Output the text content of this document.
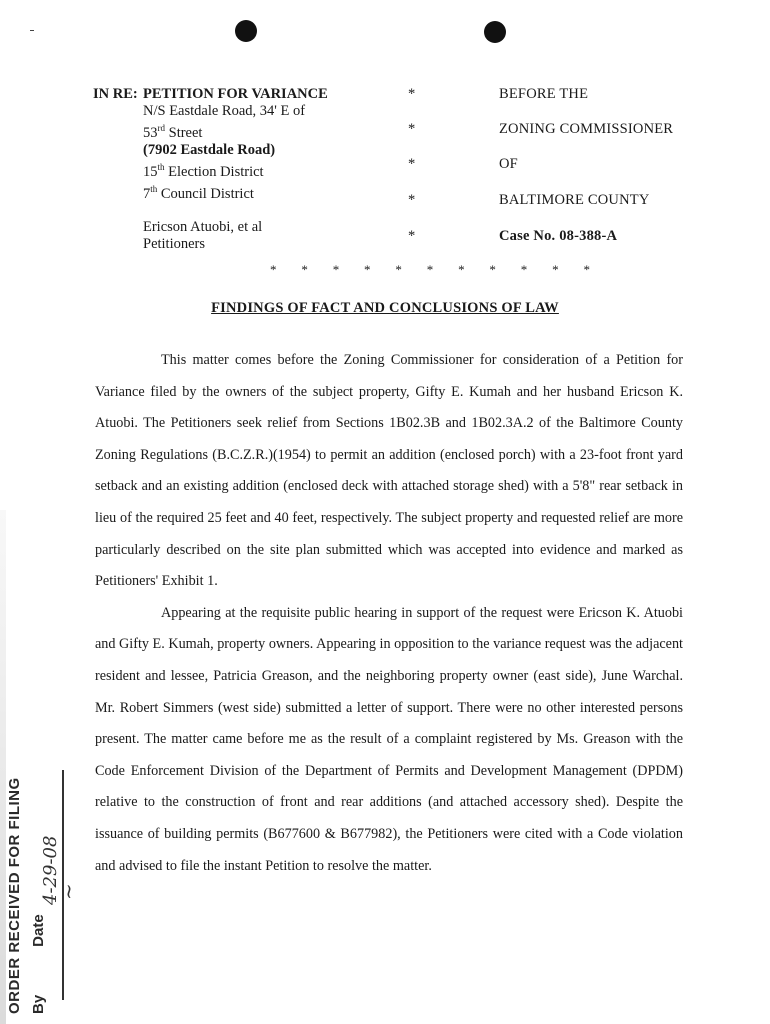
IN RE: PETITION FOR VARIANCE
N/S Eastdale Road, 34' E of
53rd Street
(7902 Eastdale Road)
15th Election District
7th Council District

Ericson Atuobi, et al
Petitioners
*
*
*
*
*
BEFORE THE
ZONING COMMISSIONER
OF
BALTIMORE COUNTY
Case No. 08-388-A
* * * * * * * * * * *
FINDINGS OF FACT AND CONCLUSIONS OF LAW

This matter comes before the Zoning Commissioner for consideration of a Petition for Variance filed by the owners of the subject property, Gifty E. Kumah and her husband Ericson K. Atuobi. The Petitioners seek relief from Sections 1B02.3B and 1B02.3A.2 of the Baltimore County Zoning Regulations (B.C.Z.R.)(1954) to permit an addition (enclosed porch) with a 23-foot front yard setback and an existing addition (enclosed deck with attached storage shed) with a 5'8" rear setback in lieu of the required 25 feet and 40 feet, respectively. The subject property and requested relief are more particularly described on the site plan submitted which was accepted into evidence and marked as Petitioners' Exhibit 1.

Appearing at the requisite public hearing in support of the request were Ericson K. Atuobi and Gifty E. Kumah, property owners. Appearing in opposition to the variance request was the adjacent resident and lessee, Patricia Greason, and the neighboring property owner (east side), June Warchal. Mr. Robert Simmers (west side) submitted a letter of support. There were no other interested persons present. The matter came before me as the result of a complaint registered by Ms. Greason with the Code Enforcement Division of the Department of Permits and Development Management (DPDM) relative to the construction of front and rear additions (and attached accessory shed). Despite the issuance of building permits (B677600 & B677982), the Petitioners were cited with a Code violation and advised to file the instant Petition to resolve the matter.

ORDER RECEIVED FOR FILING ByDate
4-29-08
~
